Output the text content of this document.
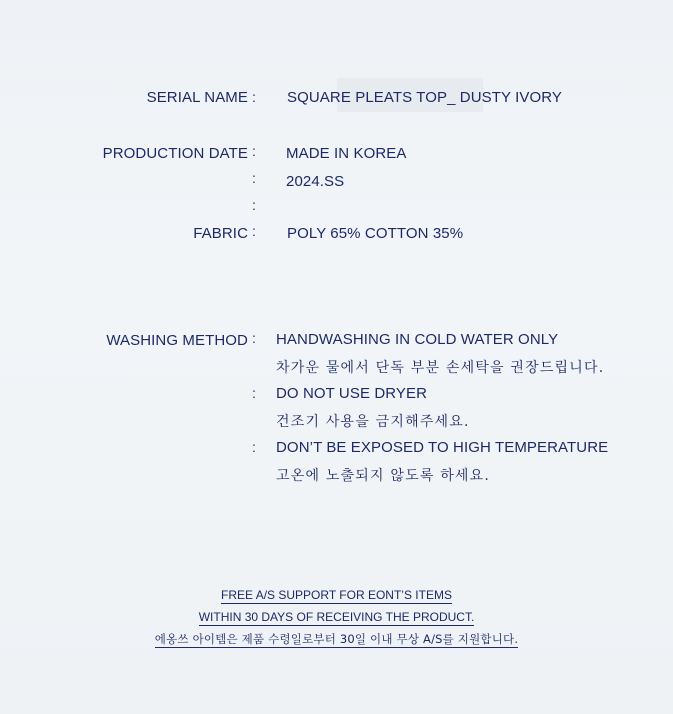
SERIAL NAME : SQUARE PLEATS TOP_ DUSTY IVORY
PRODUCTION DATE : MADE IN KOREA
: 2024.SS
:
FABRIC : POLY 65% COTTON 35%
WASHING METHOD : HANDWASHING IN COLD WATER ONLY
차가운 물에서 단독 부분 손세탁을 권장드립니다.
: DO NOT USE DRYER
건조기 사용을 금지해주세요.
: DON’T BE EXPOSED TO HIGH TEMPERATURE
고온에 노출되지 않도록 하세요.
FREE A/S SUPPORT FOR EONT’S ITEMS
WITHIN 30 DAYS OF RECEIVING THE PRODUCT.
에옹쓰 아이템은 제품 수령일로부터 30일 이내 무상 A/S를 지원합니다.
